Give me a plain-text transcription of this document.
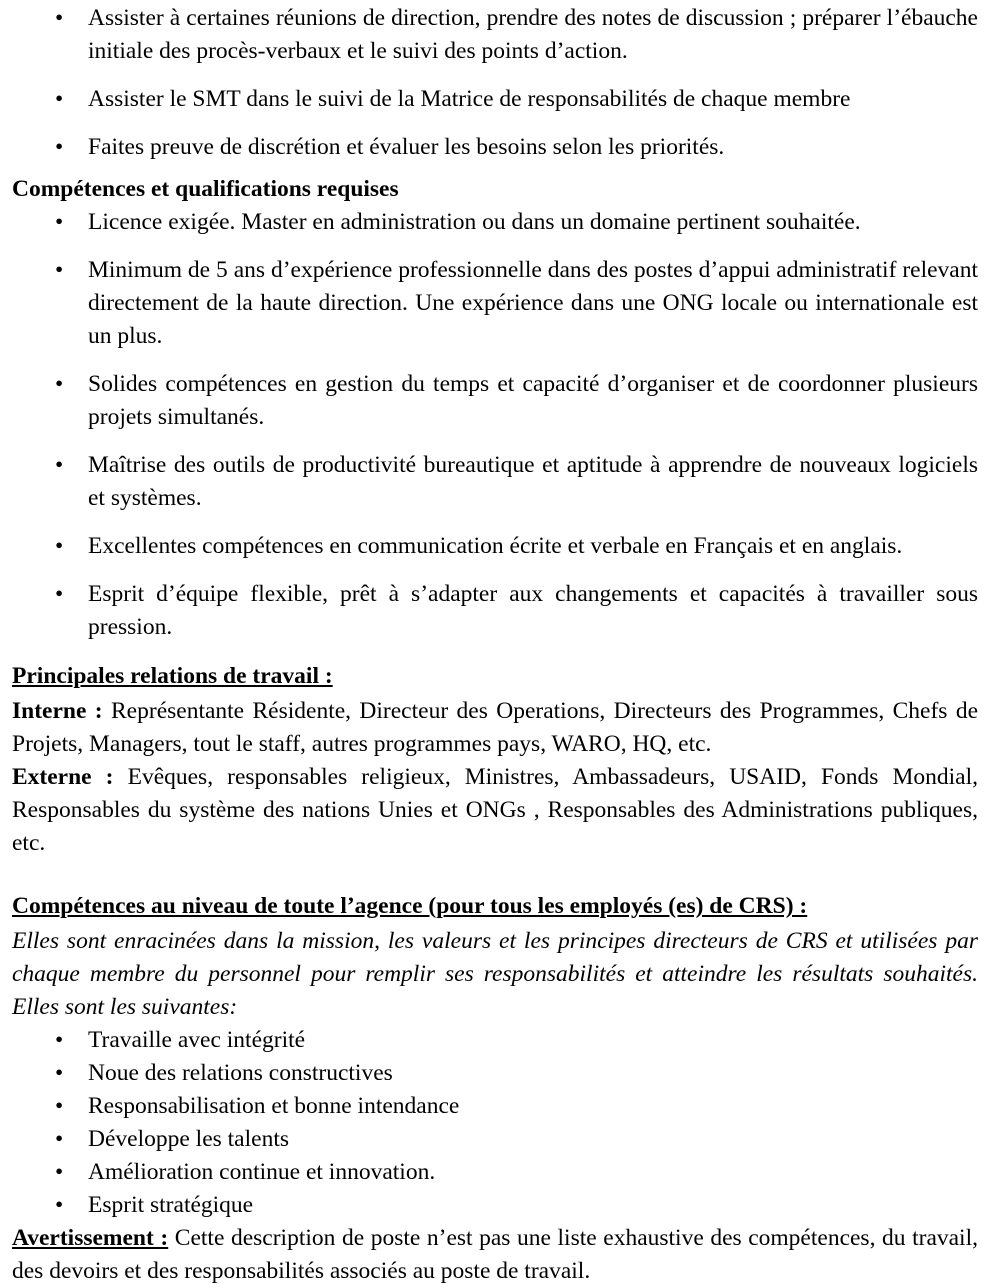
• Assister à certaines réunions de direction, prendre des notes de discussion ; préparer l’ébauche initiale des procès-verbaux et le suivi des points d’action.
• Assister le SMT dans le suivi de la Matrice de responsabilités de chaque membre
• Faites preuve de discrétion et évaluer les besoins selon les priorités.
Compétences et qualifications requises
• Licence exigée. Master en administration ou dans un domaine pertinent souhaitée.
• Minimum de 5 ans d’expérience professionnelle dans des postes d’appui administratif relevant directement de la haute direction. Une expérience dans une ONG locale ou internationale est un plus.
• Solides compétences en gestion du temps et capacité d’organiser et de coordonner plusieurs projets simultanés.
• Maîtrise des outils de productivité bureautique et aptitude à apprendre de nouveaux logiciels et systèmes.
• Excellentes compétences en communication écrite et verbale en Français et en anglais.
• Esprit d’équipe flexible, prêt à s’adapter aux changements et capacités à travailler sous pression.
Principales relations de travail :

Interne : Représentante Résidente, Directeur des Operations, Directeurs des Programmes, Chefs de Projets, Managers, tout le staff, autres programmes pays, WARO, HQ, etc.

Externe : Evêques, responsables religieux, Ministres, Ambassadeurs, USAID, Fonds Mondial, Responsables du système des nations Unies et ONGs , Responsables des Administrations publiques, etc.

Compétences au niveau de toute l’agence (pour tous les employés (es) de CRS) :

Elles sont enracinées dans la mission, les valeurs et les principes directeurs de CRS et utilisées par chaque membre du personnel pour remplir ses responsabilités et atteindre les résultats souhaités. Elles sont les suivantes:

• Travaille avec intégrité
• Noue des relations constructives
• Responsabilisation et bonne intendance
• Développe les talents
• Amélioration continue et innovation.
• Esprit stratégique

Avertissement : Cette description de poste n’est pas une liste exhaustive des compétences, du travail, des devoirs et des responsabilités associés au poste de travail.
